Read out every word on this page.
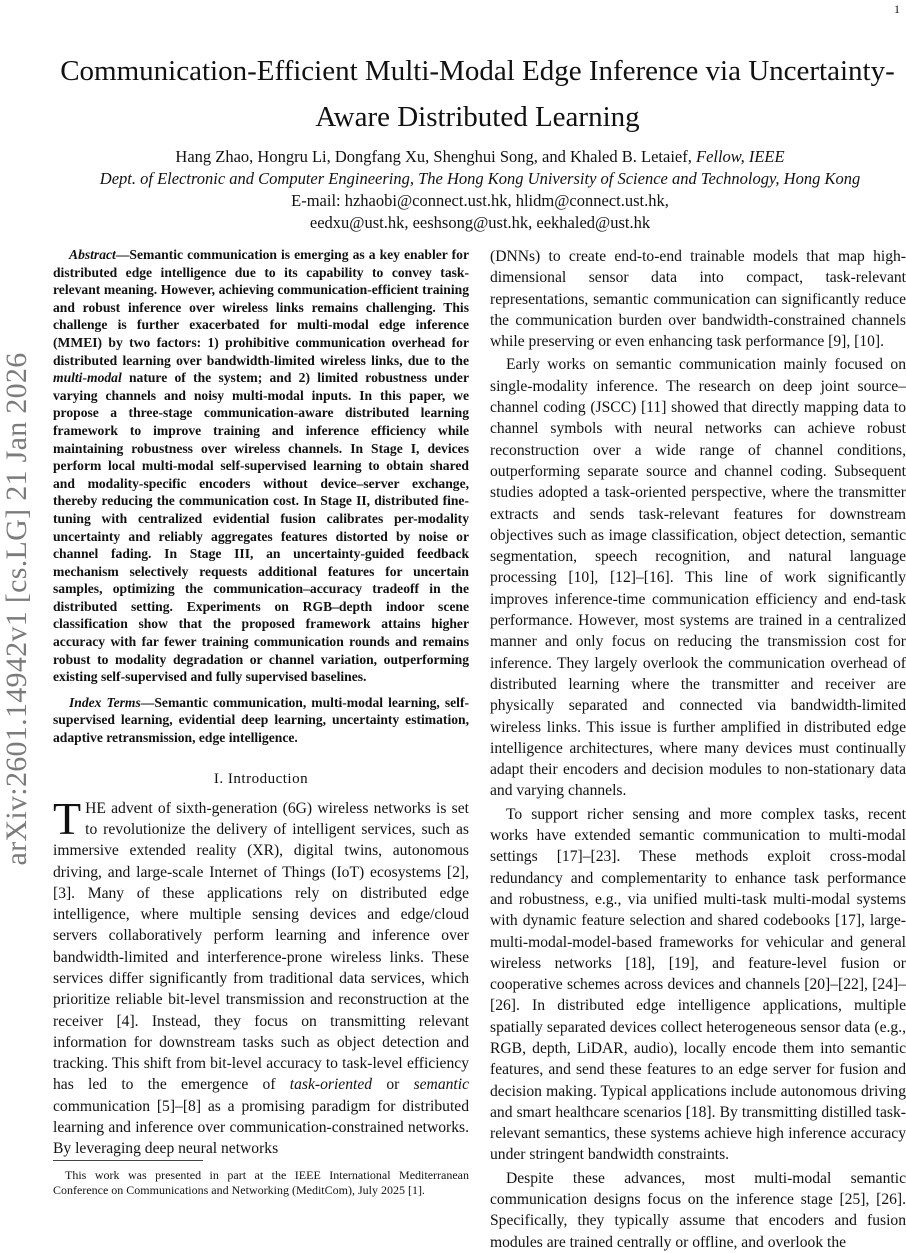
1
arXiv:2601.14942v1 [cs.LG] 21 Jan 2026
Communication-Efficient Multi-Modal Edge Inference via Uncertainty-Aware Distributed Learning
Hang Zhao, Hongru Li, Dongfang Xu, Shenghui Song, and Khaled B. Letaief, Fellow, IEEE
Dept. of Electronic and Computer Engineering, The Hong Kong University of Science and Technology, Hong Kong
E-mail: hzhaobi@connect.ust.hk, hlidm@connect.ust.hk,
eedxu@ust.hk, eeshsong@ust.hk, eekhaled@ust.hk

Abstract—Semantic communication is emerging as a key enabler for distributed edge intelligence due to its capability to convey task-relevant meaning. However, achieving communication-efficient training and robust inference over wireless links remains challenging. This challenge is further exacerbated for multi-modal edge inference (MMEI) by two factors: 1) prohibitive communication overhead for distributed learning over bandwidth-limited wireless links, due to the multi-modal nature of the system; and 2) limited robustness under varying channels and noisy multi-modal inputs. In this paper, we propose a three-stage communication-aware distributed learning framework to improve training and inference efficiency while maintaining robustness over wireless channels. In Stage I, devices perform local multi-modal self-supervised learning to obtain shared and modality-specific encoders without device–server exchange, thereby reducing the communication cost. In Stage II, distributed fine-tuning with centralized evidential fusion calibrates per-modality uncertainty and reliably aggregates features distorted by noise or channel fading. In Stage III, an uncertainty-guided feedback mechanism selectively requests additional features for uncertain samples, optimizing the communication–accuracy tradeoff in the distributed setting. Experiments on RGB–depth indoor scene classification show that the proposed framework attains higher accuracy with far fewer training communication rounds and remains robust to modality degradation or channel variation, outperforming existing self-supervised and fully supervised baselines.

Index Terms—Semantic communication, multi-modal learning, self-supervised learning, evidential deep learning, uncertainty estimation, adaptive retransmission, edge intelligence.

I. Introduction

THE advent of sixth-generation (6G) wireless networks is set to revolutionize the delivery of intelligent services, such as immersive extended reality (XR), digital twins, autonomous driving, and large-scale Internet of Things (IoT) ecosystems [2], [3]. Many of these applications rely on distributed edge intelligence, where multiple sensing devices and edge/cloud servers collaboratively perform learning and inference over bandwidth-limited and interference-prone wireless links. These services differ significantly from traditional data services, which prioritize reliable bit-level transmission and reconstruction at the receiver [4]. Instead, they focus on transmitting relevant information for downstream tasks such as object detection and tracking. This shift from bit-level accuracy to task-level efficiency has led to the emergence of task-oriented or semantic communication [5]–[8] as a promising paradigm for distributed learning and inference over communication-constrained networks. By leveraging deep neural networks

This work was presented in part at the IEEE International Mediterranean Conference on Communications and Networking (MeditCom), July 2025 [1].

(DNNs) to create end-to-end trainable models that map high-dimensional sensor data into compact, task-relevant representations, semantic communication can significantly reduce the communication burden over bandwidth-constrained channels while preserving or even enhancing task performance [9], [10].

Early works on semantic communication mainly focused on single-modality inference. The research on deep joint source–channel coding (JSCC) [11] showed that directly mapping data to channel symbols with neural networks can achieve robust reconstruction over a wide range of channel conditions, outperforming separate source and channel coding. Subsequent studies adopted a task-oriented perspective, where the transmitter extracts and sends task-relevant features for downstream objectives such as image classification, object detection, semantic segmentation, speech recognition, and natural language processing [10], [12]–[16]. This line of work significantly improves inference-time communication efficiency and end-task performance. However, most systems are trained in a centralized manner and only focus on reducing the transmission cost for inference. They largely overlook the communication overhead of distributed learning where the transmitter and receiver are physically separated and connected via bandwidth-limited wireless links. This issue is further amplified in distributed edge intelligence architectures, where many devices must continually adapt their encoders and decision modules to non-stationary data and varying channels.

To support richer sensing and more complex tasks, recent works have extended semantic communication to multi-modal settings [17]–[23]. These methods exploit cross-modal redundancy and complementarity to enhance task performance and robustness, e.g., via unified multi-task multi-modal systems with dynamic feature selection and shared codebooks [17], large-multi-modal-model-based frameworks for vehicular and general wireless networks [18], [19], and feature-level fusion or cooperative schemes across devices and channels [20]–[22], [24]–[26]. In distributed edge intelligence applications, multiple spatially separated devices collect heterogeneous sensor data (e.g., RGB, depth, LiDAR, audio), locally encode them into semantic features, and send these features to an edge server for fusion and decision making. Typical applications include autonomous driving and smart healthcare scenarios [18]. By transmitting distilled task-relevant semantics, these systems achieve high inference accuracy under stringent bandwidth constraints.

Despite these advances, most multi-modal semantic communication designs focus on the inference stage [25], [26]. Specifically, they typically assume that encoders and fusion modules are trained centrally or offline, and overlook the
